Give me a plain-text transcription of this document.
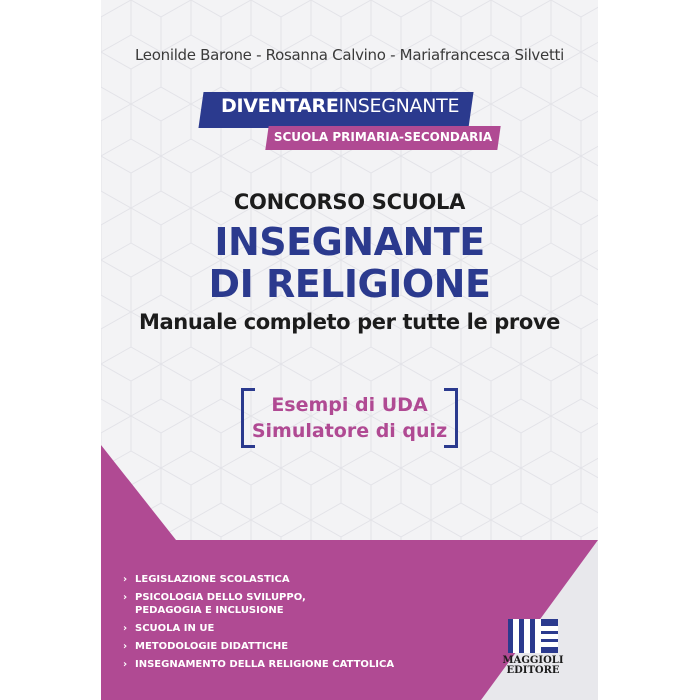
Leonilde Barone - Rosanna Calvino - Mariafrancesca Silvetti
DIVENTAREINSEGNANTE
SCUOLA PRIMARIA-SECONDARIA
CONCORSO SCUOLA
INSEGNANTE
DI RELIGIONE
Manuale completo per tutte le prove
Esempi di UDA
Simulatore di quiz
› LEGISLAZIONE SCOLASTICA
› PSICOLOGIA DELLO SVILUPPO,
PEDAGOGIA E INCLUSIONE
› SCUOLA IN UE
› METODOLOGIE DIDATTICHE
› INSEGNAMENTO DELLA RELIGIONE CATTOLICA	MAGGIOLI
EDITORE
